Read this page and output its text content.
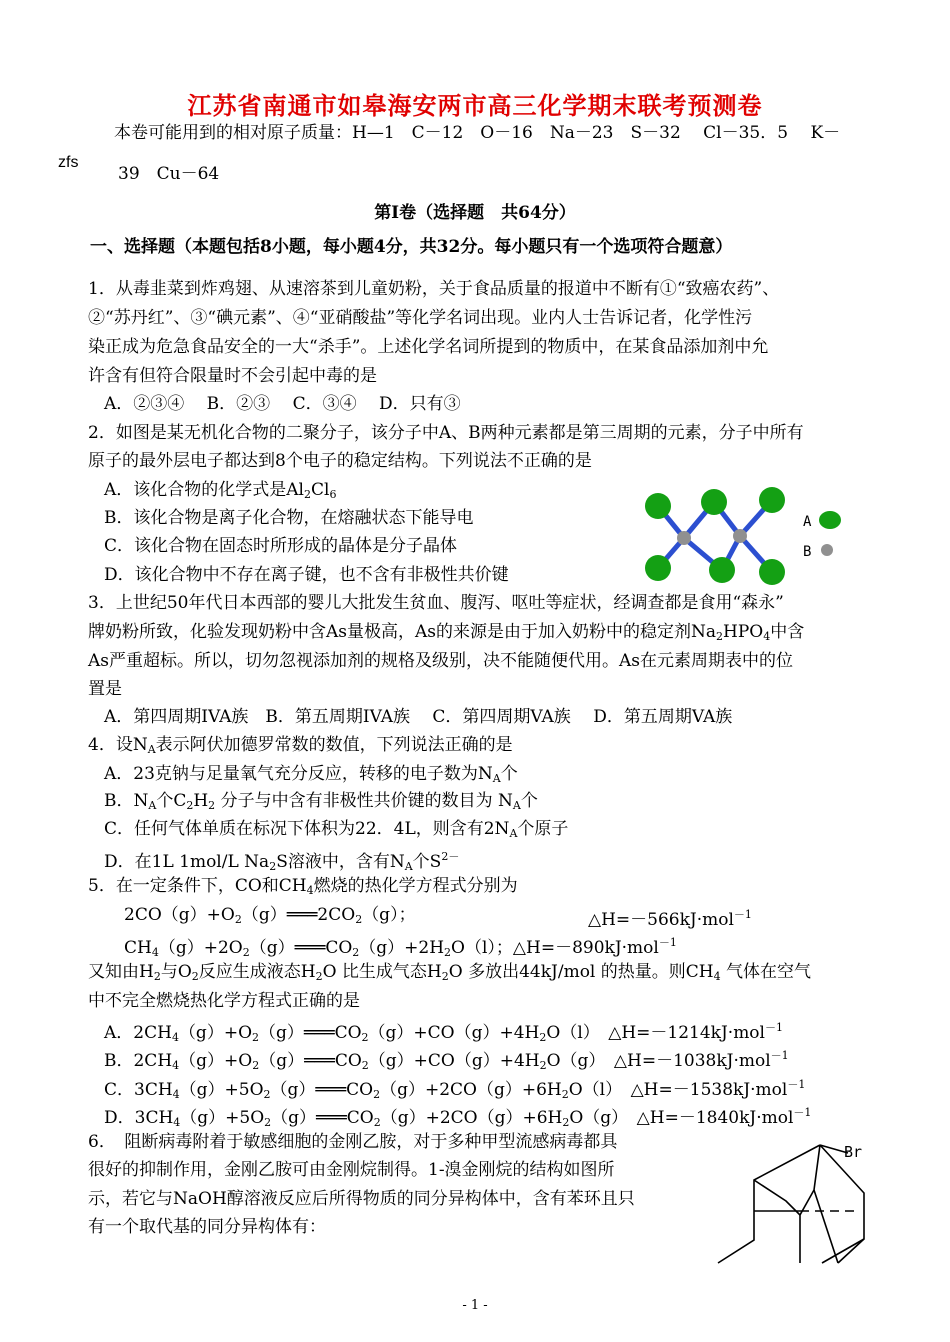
江苏省南通市如皋海安两市高三化学期末联考预测卷
本卷可能用到的相对原子质量：H—1　C－12　O－16　Na－23　S－32　 Cl－35．5　 K－
zfs
39　Cu－64
第Ⅰ卷（选择题　共64分）
一、选择题（本题包括8小题，每小题4分，共32分。每小题只有一个选项符合题意）
1．从毒韭菜到炸鸡翅、从速溶茶到儿童奶粉，关于食品质量的报道中不断有①“致癌农药”、
②“苏丹红”、③“碘元素”、④“亚硝酸盐”等化学名词出现。业内人士告诉记者，化学性污
染正成为危急食品安全的一大“杀手”。上述化学名词所提到的物质中，在某食品添加剂中允
许含有但符合限量时不会引起中毒的是
A．②③④　 B．②③　 C．③④　 D．只有③
2．如图是某无机化合物的二聚分子，该分子中A、B两种元素都是第三周期的元素，分子中所有
原子的最外层电子都达到8个电子的稳定结构。下列说法不正确的是
A．该化合物的化学式是$Al_2Cl_6$
B．该化合物是离子化合物，在熔融状态下能导电
C．该化合物在固态时所形成的晶体是分子晶体
D．该化合物中不存在离子键，也不含有非极性共价键
A
B
3．上世纪50年代日本西部的婴儿大批发生贫血、腹泻、呕吐等症状，经调查都是食用“森永”
牌奶粉所致，化验发现奶粉中含As量极高，As的来源是由于加入奶粉中的稳定剂$Na_2HPO_4$中含
As严重超标。所以，切勿忽视添加剂的规格及级别，决不能随便代用。As在元素周期表中的位
置是
A．第四周期IVA族　B．第五周期IVA族　 C．第四周期VA族　 D．第五周期VA族
4．设$N_A$表示阿伏加德罗常数的数值，下列说法正确的是
A．23克钠与足量氧气充分反应，转移的电子数为$N_A$个
B．$N_A$个$C_2H_2$ 分子与中含有非极性共价键的数目为 $N_A$个
C．任何气体单质在标况下体积为22．4L，则含有$2N_A$个原子
D．在1L 1mol/L $Na_2S$溶液中，含有$N_A$个$S^{2-}$
5．在一定条件下，CO和$CH_4$燃烧的热化学方程式分别为
$2CO(g)+O_2(g)═══2CO_2(g)$；	△H=－566kJ·mol$^{-1}$
$CH_4(g)+2O_2(g)═══CO_2(g)+2H_2O(l)$；△H=－890kJ·mol$^{-1}$
又知由$H_2$与$O_2$反应生成液态$H_2O$ 比生成气态$H_2O$ 多放出44kJ/mol 的热量。则$CH_4$ 气体在空气
中不完全燃烧热化学方程式正确的是
A．$2CH_4(g)+O_2(g)═══CO_2(g)+CO(g)+4H_2O(l)$　△H=－1214kJ·mol$^{-1}$
B．$2CH_4(g)+O_2(g)═══CO_2(g)+CO(g)+4H_2O(g)$　△H=－1038kJ·mol$^{-1}$
C．$3CH_4(g)+5O_2(g)═══CO_2(g)+2CO(g)+6H_2O(l)$　△H=－1538kJ·mol$^{-1}$
D．$3CH_4(g)+5O_2(g)═══CO_2(g)+2CO(g)+6H_2O(g)$　△H=－1840kJ·mol$^{-1}$
6．　阻断病毒附着于敏感细胞的金刚乙胺，对于多种甲型流感病毒都具
很好的抑制作用，金刚乙胺可由金刚烷制得。1-溴金刚烷的结构如图所
示，若它与NaOH醇溶液反应后所得物质的同分异构体中，含有苯环且只
有一个取代基的同分异构体有：
Br
- 1 -
